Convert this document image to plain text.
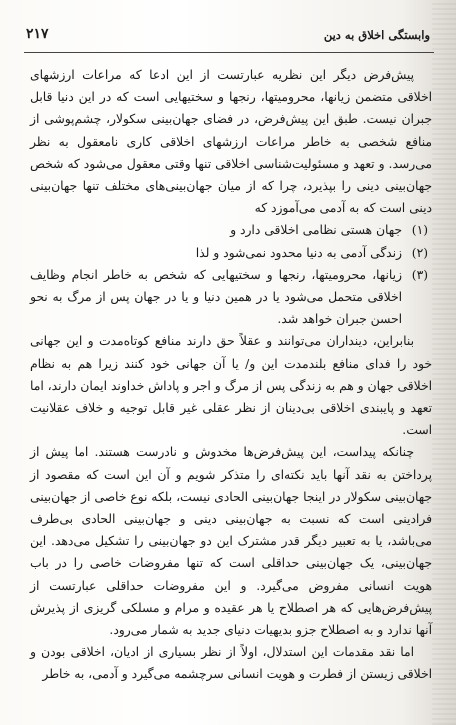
وابستگی اخلاق به دین
۲۱۷

پیش‌فرض دیگر این نظریه عبارتست از این ادعا که مراعات ارزشهای اخلاقی متضمن زیانها، محرومیتها، رنجها و سختیهایی است که در این دنیا قابل جبران نیست. طبق این پیش‌فرض، در فضای جهان‌بینی سکولار، چشم‌پوشی از منافع شخصی به خاطر مراعات ارزشهای اخلاقی کاری نامعقول به نظر می‌رسد. و تعهد و مسئولیت‌شناسی اخلاقی تنها وقتی معقول می‌شود که شخص جهان‌بینی دینی را بپذیرد، چرا که از میان جهان‌بینی‌های مختلف تنها جهان‌بینی دینی است که به آدمی می‌آموزد که

(۱)
جهان هستی نظامی اخلاقی دارد و
(۲)
زندگی آدمی به دنیا محدود نمی‌شود و لذا
(۳)
زیانها، محرومیتها، رنجها و سختیهایی که شخص به خاطر انجام وظایف اخلاقی متحمل می‌شود یا در همین دنیا و یا در جهان پس از مرگ به نحو احسن جبران خواهد شد.

بنابراین، دینداران می‌توانند و عقلاً حق دارند منافع کوتاه‌مدت و این جهانی خود را فدای منافع بلندمدت این و/ یا آن جهانی خود کنند زیرا هم به نظام اخلاقی جهان و هم به زندگی پس از مرگ و اجر و پاداش خداوند ایمان دارند، اما تعهد و پایبندی اخلاقی بی‌دینان از نظر عقلی غیر قابل توجیه و خلاف عقلانیت است.

چنانکه پیداست، این پیش‌فرض‌ها مخدوش و نادرست هستند. اما پیش از پرداختن به نقد آنها باید نکته‌ای را متذکر شویم و آن این است که مقصود از جهان‌بینی سکولار در اینجا جهان‌بینی الحادی نیست، بلکه نوع خاصی از جهان‌بینی فرادینی است که نسبت به جهان‌بینی دینی و جهان‌بینی الحادی بی‌طرف می‌باشد، یا به تعبیر دیگر قدر مشترک این دو جهان‌بینی را تشکیل می‌دهد. این جهان‌بینی، یک جهان‌بینی حداقلی است که تنها مفروضات خاصی را در باب هویت انسانی مفروض می‌گیرد. و این مفروضات حداقلی عبارتست از پیش‌فرض‌هایی که هر اصطلاح یا هر عقیده و مرام و مسلکی گریزی از پذیرش آنها ندارد و به اصطلاح جزو بدیهیات دنیای جدید به شمار می‌رود.

اما نقد مقدمات این استدلال، اولاً از نظر بسیاری از ادیان، اخلاقی بودن و اخلاقی زیستن از فطرت و هویت انسانی سرچشمه می‌گیرد و آدمی، به خاطر
